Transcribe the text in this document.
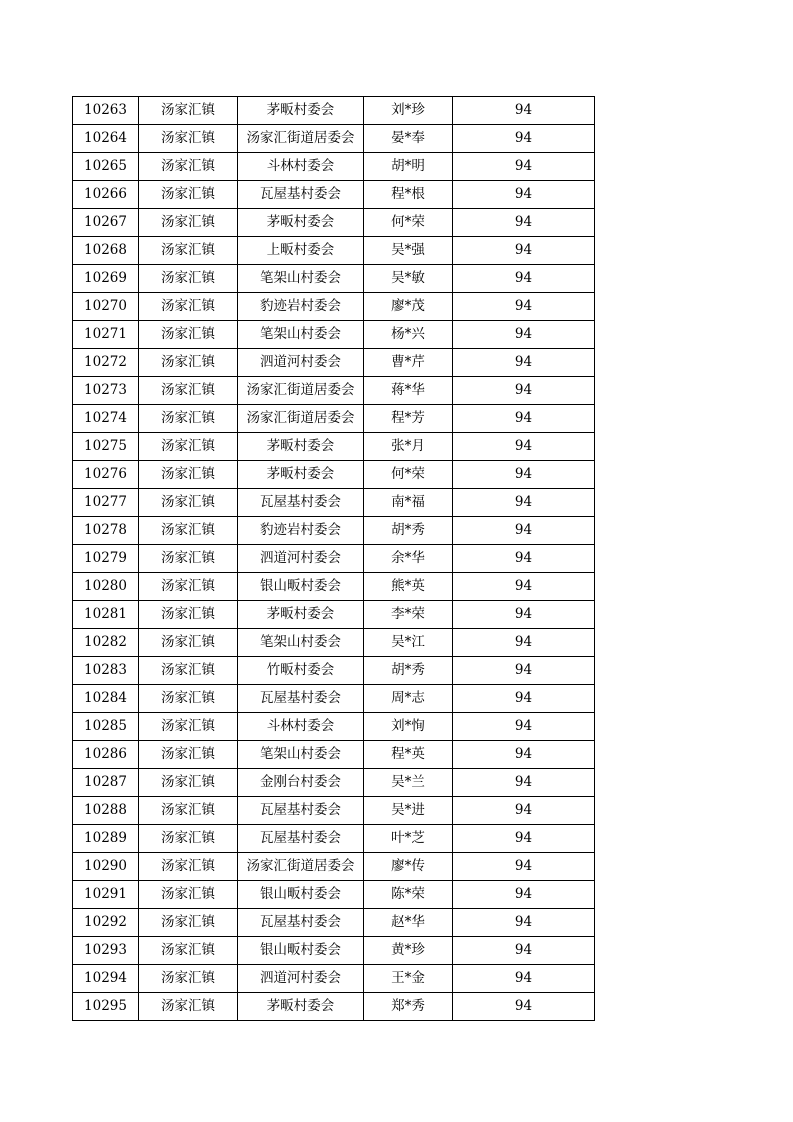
10263	汤家汇镇	茅畈村委会	刘*珍	94
10264	汤家汇镇	汤家汇街道居委会	晏*奉	94
10265	汤家汇镇	斗林村委会	胡*明	94
10266	汤家汇镇	瓦屋基村委会	程*根	94
10267	汤家汇镇	茅畈村委会	何*荣	94
10268	汤家汇镇	上畈村委会	吴*强	94
10269	汤家汇镇	笔架山村委会	吴*敏	94
10270	汤家汇镇	豹迹岩村委会	廖*茂	94
10271	汤家汇镇	笔架山村委会	杨*兴	94
10272	汤家汇镇	泗道河村委会	曹*芹	94
10273	汤家汇镇	汤家汇街道居委会	蒋*华	94
10274	汤家汇镇	汤家汇街道居委会	程*芳	94
10275	汤家汇镇	茅畈村委会	张*月	94
10276	汤家汇镇	茅畈村委会	何*荣	94
10277	汤家汇镇	瓦屋基村委会	南*福	94
10278	汤家汇镇	豹迹岩村委会	胡*秀	94
10279	汤家汇镇	泗道河村委会	余*华	94
10280	汤家汇镇	银山畈村委会	熊*英	94
10281	汤家汇镇	茅畈村委会	李*荣	94
10282	汤家汇镇	笔架山村委会	吴*江	94
10283	汤家汇镇	竹畈村委会	胡*秀	94
10284	汤家汇镇	瓦屋基村委会	周*志	94
10285	汤家汇镇	斗林村委会	刘*恂	94
10286	汤家汇镇	笔架山村委会	程*英	94
10287	汤家汇镇	金刚台村委会	吴*兰	94
10288	汤家汇镇	瓦屋基村委会	吴*进	94
10289	汤家汇镇	瓦屋基村委会	叶*芝	94
10290	汤家汇镇	汤家汇街道居委会	廖*传	94
10291	汤家汇镇	银山畈村委会	陈*荣	94
10292	汤家汇镇	瓦屋基村委会	赵*华	94
10293	汤家汇镇	银山畈村委会	黄*珍	94
10294	汤家汇镇	泗道河村委会	王*金	94
10295	汤家汇镇	茅畈村委会	郑*秀	94
